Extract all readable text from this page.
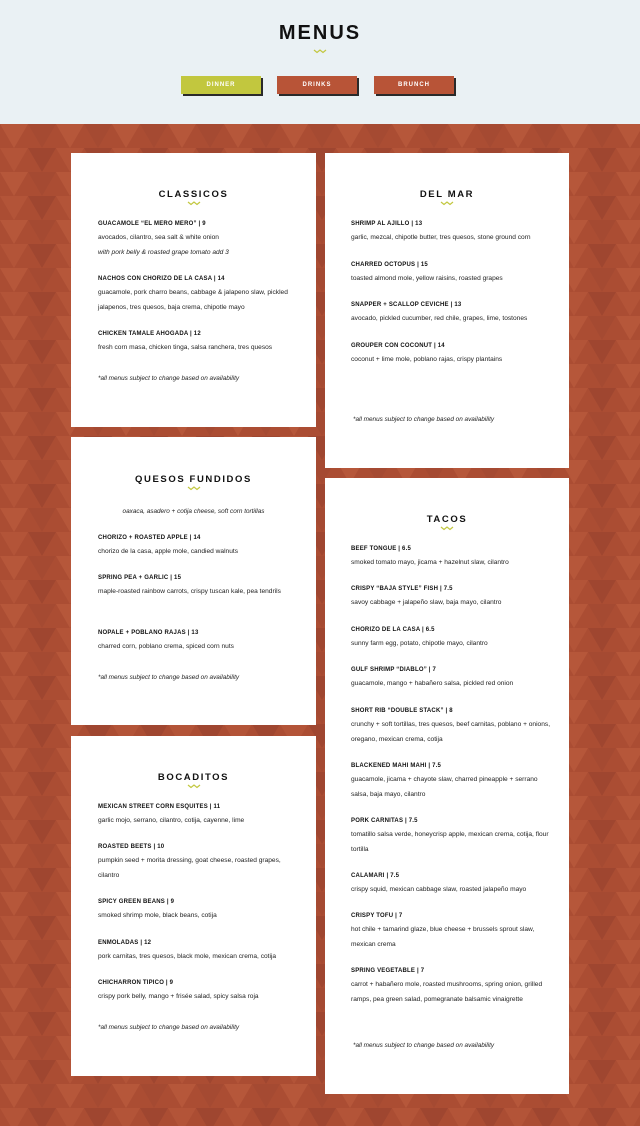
MENUS
DINNER	DRINKS	BRUNCH

CLASSICOS

GUACAMOLE “EL MERO MERO” | 9

avocados, cilantro, sea salt & white onion

with pork belly & roasted grape tomato add 3

NACHOS CON CHORIZO DE LA CASA | 14

guacamole, pork charro beans, cabbage & jalapeno slaw, pickled jalapenos, tres quesos, baja crema, chipotle mayo

CHICKEN TAMALE AHOGADA | 12

fresh corn masa, chicken tinga, salsa ranchera, tres quesos

*all menus subject to change based on availability

DEL MAR

SHRIMP AL AJILLO | 13

garlic, mezcal, chipotle butter, tres quesos, stone ground corn

CHARRED OCTOPUS | 15

toasted almond mole, yellow raisins, roasted grapes

SNAPPER + SCALLOP CEVICHE | 13

avocado, pickled cucumber, red chile, grapes, lime, tostones

GROUPER CON COCONUT | 14

coconut + lime mole, poblano rajas, crispy plantains

*all menus subject to change based on availability

QUESOS FUNDIDOS

oaxaca, asadero + cotija cheese, soft corn tortillas

CHORIZO + ROASTED APPLE | 14

chorizo de la casa, apple mole, candied walnuts

SPRING PEA + GARLIC | 15

maple-roasted rainbow carrots, crispy tuscan kale, pea tendrils

NOPALE + POBLANO RAJAS | 13

charred corn, poblano crema, spiced corn nuts

*all menus subject to change based on availability

TACOS

BEEF TONGUE | 6.5

smoked tomato mayo, jicama + hazelnut slaw, cilantro

CRISPY “BAJA STYLE” FISH | 7.5

savoy cabbage + jalapeño slaw, baja mayo, cilantro

CHORIZO DE LA CASA | 6.5

sunny farm egg, potato, chipotle mayo, cilantro

GULF SHRIMP “DIABLO” | 7

guacamole, mango + habañero salsa, pickled red onion

SHORT RIB “DOUBLE STACK” | 8

crunchy + soft tortillas, tres quesos, beef carnitas, poblano + onions, oregano, mexican crema, cotija

BLACKENED MAHI MAHI | 7.5

guacamole, jicama + chayote slaw, charred pineapple + serrano salsa, baja mayo, cilantro

PORK CARNITAS | 7.5

tomatillo salsa verde, honeycrisp apple, mexican crema, cotija, flour tortilla

CALAMARI | 7.5

crispy squid, mexican cabbage slaw, roasted jalapeño mayo

CRISPY TOFU | 7

hot chile + tamarind glaze, blue cheese + brussels sprout slaw, mexican crema

SPRING VEGETABLE | 7

carrot + habañero mole, roasted mushrooms, spring onion, grilled ramps, pea green salad, pomegranate balsamic vinaigrette

*all menus subject to change based on availability

BOCADITOS

MEXICAN STREET CORN ESQUITES | 11

garlic mojo, serrano, cilantro, cotija, cayenne, lime

ROASTED BEETS | 10

pumpkin seed + morita dressing, goat cheese, roasted grapes, cilantro

SPICY GREEN BEANS | 9

smoked shrimp mole, black beans, cotija

ENMOLADAS | 12

pork carnitas, tres quesos, black mole, mexican crema, cotija

CHICHARRON TIPICO | 9

crispy pork belly, mango + frisée salad, spicy salsa roja

*all menus subject to change based on availability
